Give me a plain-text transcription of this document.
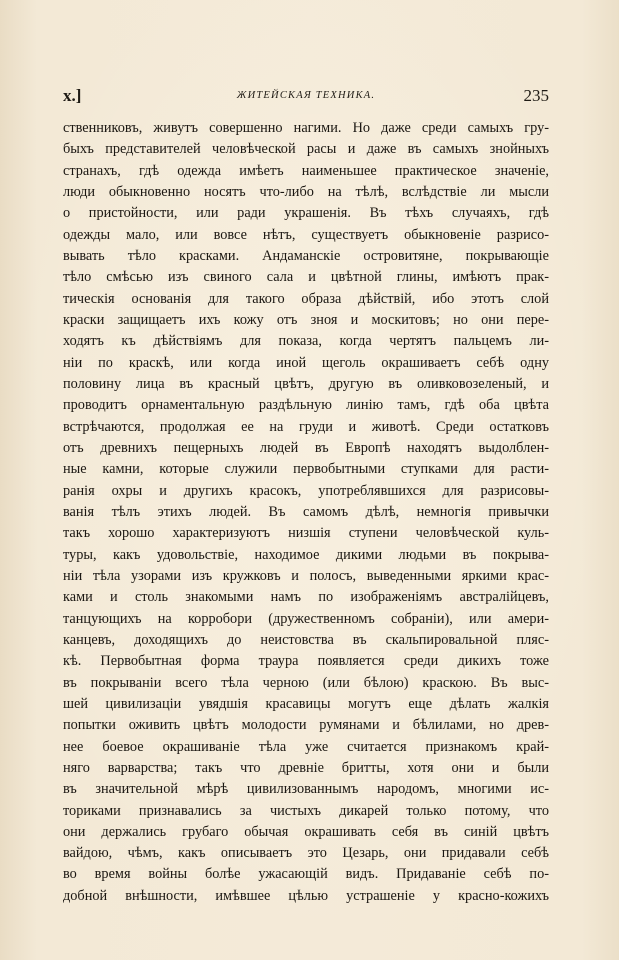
x.]	ЖИТЕЙСКАЯ ТЕХНИКА.	235
ственниковъ, живутъ совершенно нагими. Но даже среди самыхъ гру-
быхъ представителей человѣческой расы и даже въ самыхъ знойныхъ
странахъ, гдѣ одежда имѣетъ наименьшее практическое значенiе,
люди обыкновенно носятъ что-либо на тѣлѣ, вслѣдствiе ли мысли
о пристойности, или ради украшенiя. Въ тѣхъ случаяхъ, гдѣ
одежды мало, или вовсе нѣтъ, существуетъ обыкновенiе разрисо-
вывать тѣло красками. Андаманскiе островитяне, покрывающiе
тѣло смѣсью изъ свиного сала и цвѣтной глины, имѣютъ прак-
тическiя основанiя для такого образа дѣйствiй, ибо этотъ слой
краски защищаетъ ихъ кожу отъ зноя и москитовъ; но они пере-
ходятъ къ дѣйствiямъ для показа, когда чертятъ пальцемъ ли-
нiи по краскѣ, или когда иной щеголь окрашиваетъ себѣ одну
половину лица въ красный цвѣтъ, другую въ оливковозеленый, и
проводитъ орнаментальную раздѣльную линiю тамъ, гдѣ оба цвѣта
встрѣчаются, продолжая ее на груди и животѣ. Среди остатковъ
отъ древнихъ пещерныхъ людей въ Европѣ находятъ выдолблен-
ные камни, которые служили первобытными ступками для расти-
ранiя охры и другихъ красокъ, употреблявшихся для разрисовы-
ванiя тѣлъ этихъ людей. Въ самомъ дѣлѣ, немногiя привычки
такъ хорошо характеризуютъ низшiя ступени человѣческой куль-
туры, какъ удовольствiе, находимое дикими людьми въ покрыва-
нiи тѣла узорами изъ кружковъ и полосъ, выведенными яркими крас-
ками и столь знакомыми намъ по изображенiямъ австралiйцевъ,
танцующихъ на корробори (дружественномъ собранiи), или амери-
канцевъ, доходящихъ до неистовства въ скальпировальной пляс-
кѣ. Первобытная форма траура появляется среди дикихъ тоже
въ покрыванiи всего тѣла черною (или бѣлою) краскою. Въ выс-
шей цивилизацiи увядшiя красавицы могутъ еще дѣлать жалкiя
попытки оживить цвѣтъ молодости румянами и бѣлилами, но древ-
нее боевое окрашиванiе тѣла уже считается признакомъ край-
няго варварства; такъ что древнiе бритты, хотя они и были
въ значительной мѣрѣ цивилизованнымъ народомъ, многими ис-
ториками признавались за чистыхъ дикарей только потому, что
они держались грубаго обычая окрашивать себя въ синiй цвѣтъ
вайдою, чѣмъ, какъ описываетъ это Цезарь, они придавали себѣ
во время войны болѣе ужасающiй видъ. Придаванiе себѣ по-
добной внѣшности, имѣвшее цѣлью устрашенiе у красно-кожихъ
